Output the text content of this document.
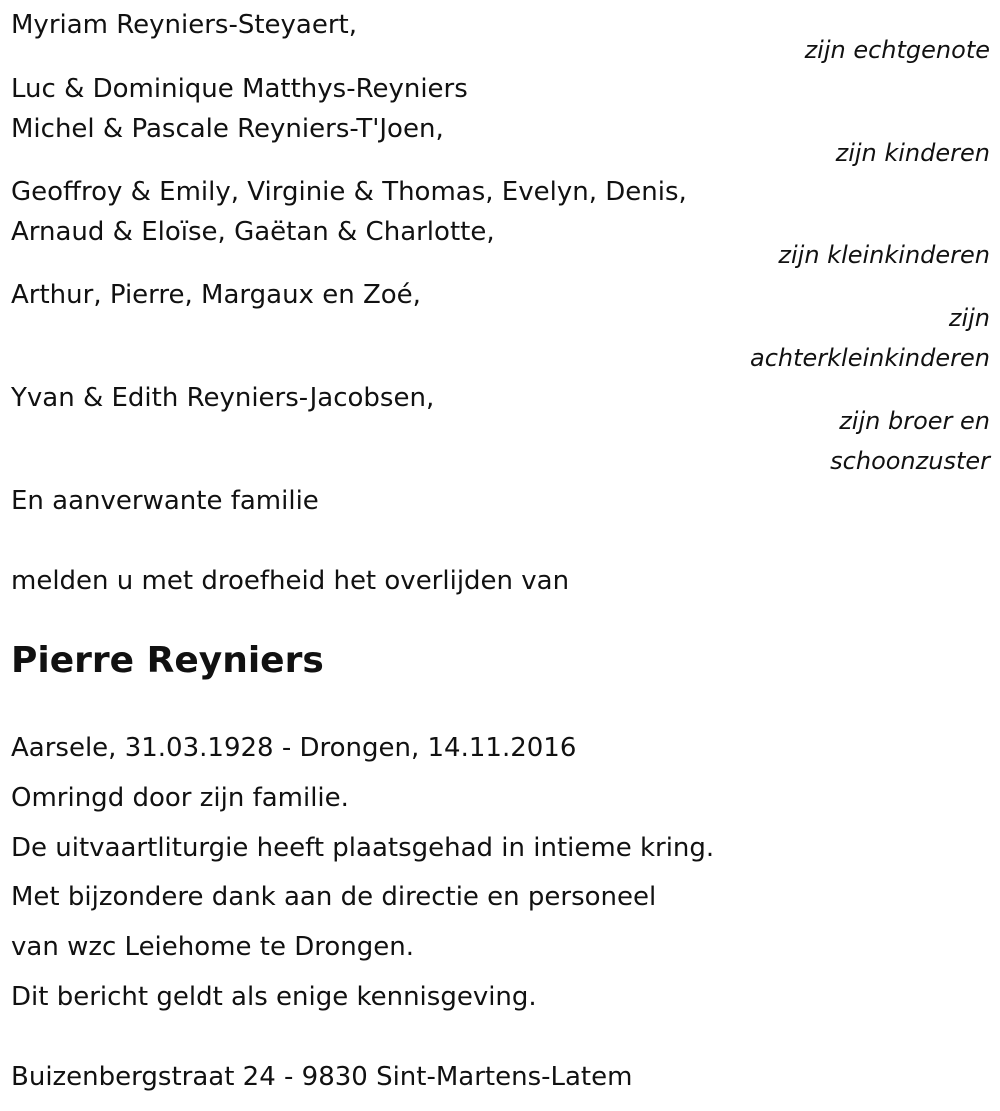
Myriam Reyniers-Steyaert,
zijn echtgenote
Luc & Dominique Matthys-Reyniers
Michel & Pascale Reyniers-T'Joen,
zijn kinderen
Geoffroy & Emily, Virginie & Thomas, Evelyn, Denis,
Arnaud & Eloïse, Gaëtan & Charlotte,
zijn kleinkinderen
Arthur, Pierre, Margaux en Zoé,
zijn
achterkleinkinderen
Yvan & Edith Reyniers-Jacobsen,
zijn broer en
schoonzuster
En aanverwante familie
melden u met droefheid het overlijden van
Pierre Reyniers
Aarsele, 31.03.1928 - Drongen, 14.11.2016
Omringd door zijn familie.
De uitvaartliturgie heeft plaatsgehad in intieme kring.
Met bijzondere dank aan de directie en personeel
van wzc Leiehome te Drongen.
Dit bericht geldt als enige kennisgeving.
Buizenbergstraat 24 - 9830 Sint-Martens-Latem
